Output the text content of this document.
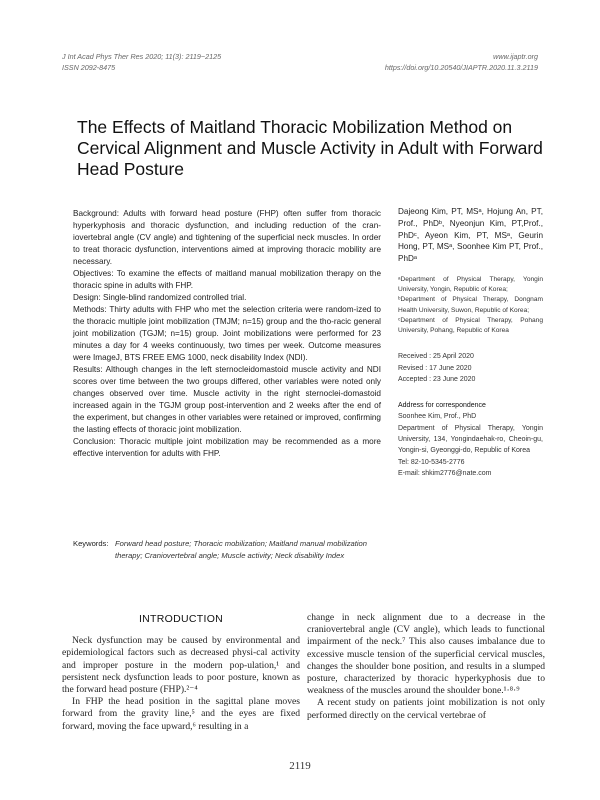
J Int Acad Phys Ther Res 2020; 11(3): 2119~2125
ISSN 2092-8475
www.ijaptr.org
https://doi.org/10.20540/JIAPTR.2020.11.3.2119
The Effects of Maitland Thoracic Mobilization Method on Cervical Alignment and Muscle Activity in Adult with Forward Head Posture

Background: Adults with forward head posture (FHP) often suffer from thoracic hyperkyphosis and thoracic dysfunction, and including reduction of the cran-iovertebral angle (CV angle) and tightening of the superficial neck muscles. In order to treat thoracic dysfunction, interventions aimed at improving thoracic mobility are necessary.

Objectives: To examine the effects of maitland manual mobilization therapy on the thoracic spine in adults with FHP.

Design: Single-blind randomized controlled trial.

Methods: Thirty adults with FHP who met the selection criteria were random-ized to the thoracic multiple joint mobilization (TMJM; n=15) group and the tho-racic general joint mobilization (TGJM; n=15) group. Joint mobilizations were performed for 23 minutes a day for 4 weeks continuously, two times per week. Outcome measures were ImageJ, BTS FREE EMG 1000, neck disability Index (NDI).

Results: Although changes in the left sternocleidomastoid muscle activity and NDI scores over time between the two groups differed, other variables were noted only changes observed over time. Muscle activity in the right sternoclei-domastoid increased again in the TGJM group post-intervention and 2 weeks after the end of the experiment, but changes in other variables were retained or improved, confirming the lasting effects of thoracic joint mobilization.

Conclusion: Thoracic multiple joint mobilization may be recommended as a more effective intervention for adults with FHP.

Dajeong Kim, PT, MSᵃ, Hojung An, PT, Prof., PhDᵇ, Nyeonjun Kim, PT,Prof., PhDᶜ, Ayeon Kim, PT, MSᵃ, Geurin Hong, PT, MSᵃ, Soonhee Kim PT, Prof., PhDᵃ

ᵃDepartment of Physical Therapy, Yongin University, Yongin, Republic of Korea;
ᵇDepartment of Physical Therapy, Dongnam Health University, Suwon, Republic of Korea;
ᶜDepartment of Physical Therapy, Pohang University, Pohang, Republic of Korea
Received : 25 April 2020
Revised : 17 June 2020
Accepted : 23 June 2020
Address for correspondence
Soonhee Kim, Prof., PhD
Department of Physical Therapy, Yongin University, 134, Yongindaehak-ro, Cheoin-gu, Yongin-si, Gyeonggi-do, Republic of Korea
Tel: 82-10-5345-2776
E-mail: shkim2776@nate.com
Keywords: Forward head posture; Thoracic mobilization; Maitland manual mobilization therapy; Craniovertebral angle; Muscle activity; Neck disability Index
INTRODUCTION

Neck dysfunction may be caused by environmental and epidemiological factors such as decreased physi-cal activity and improper posture in the modern pop-ulation,¹ and persistent neck dysfunction leads to poor posture, known as the forward head posture (FHP).²⁻⁴

In FHP the head position in the sagittal plane moves forward from the gravity line,⁵ and the eyes are fixed forward, moving the face upward,⁶ resulting in a

change in neck alignment due to a decrease in the craniovertebral angle (CV angle), which leads to functional impairment of the neck.⁷ This also causes imbalance due to excessive muscle tension of the superficial cervical muscles, changes the shoulder bone position, and results in a slumped posture, characterized by thoracic hyperkyphosis due to weakness of the muscles around the shoulder bone.¹·⁸·⁹

A recent study on patients joint mobilization is not only performed directly on the cervical vertebrae of

2119
